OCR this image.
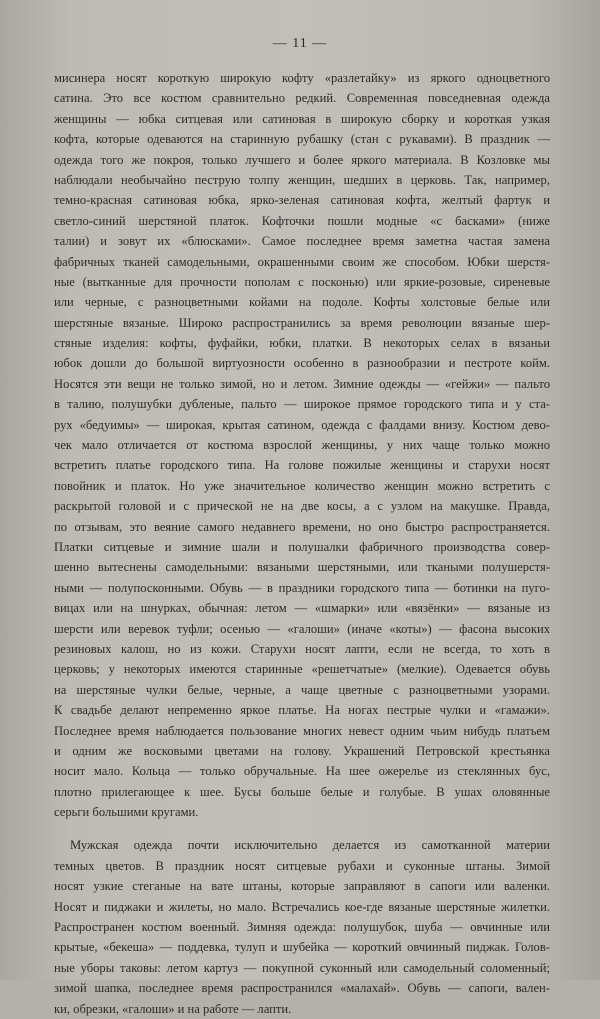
— 11 —
мисинера носят короткую широкую кофту «разлетайку» из яркого одноцветного
сатина. Это все костюм сравнительно редкий. Современная повседневная одежда
женщины — юбка ситцевая или сатиновая в широкую сборку и короткая узкая
кофта, которые одеваются на старинную рубашку (стан с рукавами). В праздник —
одежда того же покроя, только лучшего и более яркого материала. В Козловке мы
наблюдали необычайно пеструю толпу женщин, шедших в церковь. Так, например,
темно-красная сатиновая юбка, ярко-зеленая сатиновая кофта, желтый фартук и
светло-синий шерстяной платок. Кофточки пошли модные «с басками» (ниже
талии) и зовут их «блюсками». Самое последнее время заметна частая замена
фабричных тканей самодельными, окрашенными своим же способом. Юбки шерстя-
ные (вытканные для прочности пополам с посконью) или яркие-розовые, сиреневые
или черные, с разноцветными койами на подоле. Кофты холстовые белые или
шерстяные вязаные. Широко распространились за время революции вязаные шер-
стяные изделия: кофты, фуфайки, юбки, платки. В некоторых селах в вязаньи
юбок дошли до большой виртуозности особенно в разнообразии и пестроте койм.
Носятся эти вещи не только зимой, но и летом. Зимние одежды — «гейжи» — пальто
в талию, полушубки дубленые, пальто — широкое прямое городского типа и у ста-
рух «бедуимы» — широкая, крытая сатином, одежда с фалдами внизу. Костюм дево-
чек мало отличается от костюма взрослой женщины, у них чаще только можно
встретить платье городского типа. На голове пожилые женщины и старухи носят
повойник и платок. Но уже значительное количество женщин можно встретить с
раскрытой головой и с прической не на две косы, а с узлом на макушке. Правда,
по отзывам, это веяние самого недавнего времени, но оно быстро распространяется.
Платки ситцевые и зимние шали и полушалки фабричного производства совер-
шенно вытеснены самодельными: вязаными шерстяными, или ткаными полушерстя-
ными — полупосконными. Обувь — в праздники городского типа — ботинки на пуго-
вицах или на шнурках, обычная: летом — «шмарки» или «вязёнки» — вязаные из
шерсти или веревок туфли; осенью — «галоши» (иначе «коты») — фасона высоких
резиновых калош, но из кожи. Старухи носят лапти, если не всегда, то хоть в
церковь; у некоторых имеются старинные «решетчатые» (мелкие). Одевается обувь
на шерстяные чулки белые, черные, а чаще цветные с разноцветными узорами.
К свадьбе делают непременно яркое платье. На ногах пестрые чулки и «гамажи».
Последнее время наблюдается пользование многих невест одним чьим нибудь платьем
и одним же восковыми цветами на голову. Украшений Петровской крестьянка
носит мало. Кольца — только обручальные. На шее ожерелье из стеклянных бус,
плотно прилегающее к шее. Бусы больше белые и голубые. В ушах оловянные
серьги большими кругами.
Мужская одежда почти исключительно делается из самотканной материи
темных цветов. В праздник носят ситцевые рубахи и суконные штаны. Зимой
носят узкие стеганые на вате штаны, которые заправляют в сапоги или валенки.
Носят и пиджаки и жилеты, но мало. Встречались кое-где вязаные шерстяные жилетки.
Распространен костюм военный. Зимняя одежда: полушубок, шуба — овчинные или
крытые, «бекеша» — поддевка, тулуп и шубейка — короткий овчинный пиджак. Голов-
ные уборы таковы: летом картуз — покупной суконный или самодельный соломенный;
зимой шапка, последнее время распространился «малахай». Обувь — сапоги, вален-
ки, обрезки, «галоши» и на работе — лапти.
